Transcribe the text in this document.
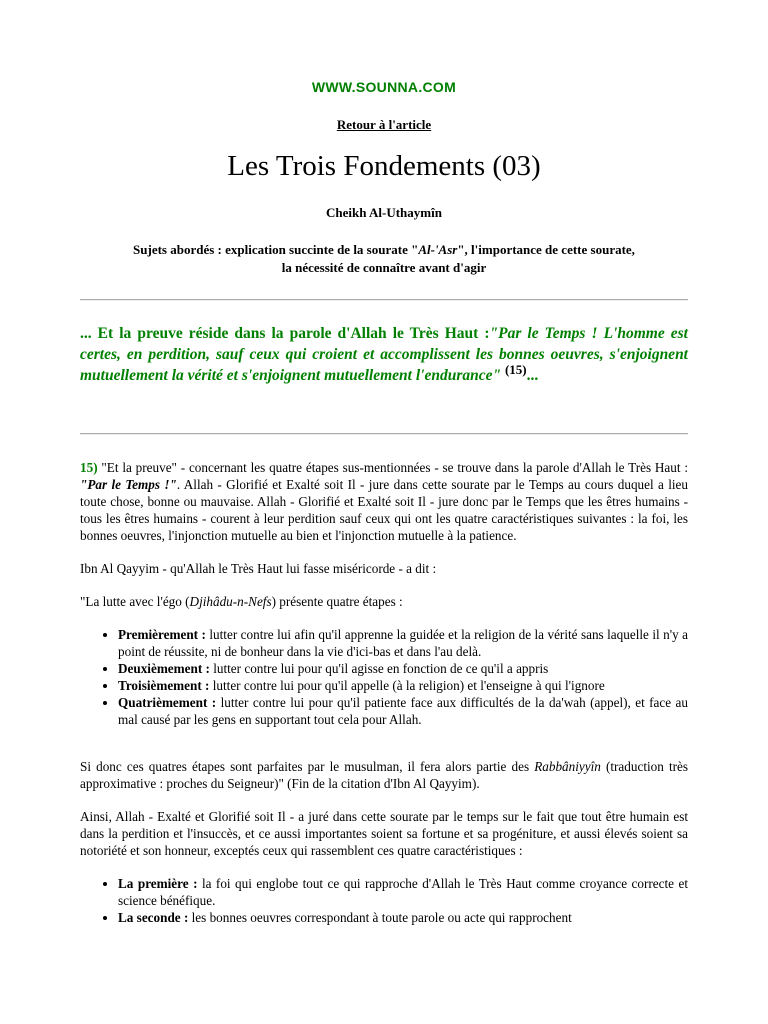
WWW.SOUNNA.COM
Retour à l'article
Les Trois Fondements (03)
Cheikh Al-Uthaymîn
Sujets abordés : explication succinte de la sourate "Al-'Asr", l'importance de cette sourate,
la nécessité de connaître avant d'agir
... Et la preuve réside dans la parole d'Allah le Très Haut :"Par le Temps ! L'homme est certes, en perdition, sauf ceux qui croient et accomplissent les bonnes oeuvres, s'enjoignent mutuellement la vérité et s'enjoignent mutuellement l'endurance" $^{(15)}$...

15) "Et la preuve" - concernant les quatre étapes sus-mentionnées - se trouve dans la parole d'Allah le Très Haut : "Par le Temps !". Allah - Glorifié et Exalté soit Il - jure dans cette sourate par le Temps au cours duquel a lieu toute chose, bonne ou mauvaise. Allah - Glorifié et Exalté soit Il - jure donc par le Temps que les êtres humains - tous les êtres humains - courent à leur perdition sauf ceux qui ont les quatre caractéristiques suivantes : la foi, les bonnes oeuvres, l'injonction mutuelle au bien et l'injonction mutuelle à la patience.

Ibn Al Qayyim - qu'Allah le Très Haut lui fasse miséricorde - a dit :

"La lutte avec l'égo (Djihâdu-n-Nefs) présente quatre étapes :

• Premièrement : lutter contre lui afin qu'il apprenne la guidée et la religion de la vérité sans laquelle il n'y a point de réussite, ni de bonheur dans la vie d'ici-bas et dans l'au delà.
• Deuxièmement : lutter contre lui pour qu'il agisse en fonction de ce qu'il a appris
• Troisièmement : lutter contre lui pour qu'il appelle (à la religion) et l'enseigne à qui l'ignore
• Quatrièmement : lutter contre lui pour qu'il patiente face aux difficultés de la da'wah (appel), et face au mal causé par les gens en supportant tout cela pour Allah.

Si donc ces quatres étapes sont parfaites par le musulman, il fera alors partie des Rabbâniyyîn (traduction très approximative : proches du Seigneur)" (Fin de la citation d'Ibn Al Qayyim).

Ainsi, Allah - Exalté et Glorifié soit Il - a juré dans cette sourate par le temps sur le fait que tout être humain est dans la perdition et l'insuccès, et ce aussi importantes soient sa fortune et sa progéniture, et aussi élevés soient sa notoriété et son honneur, exceptés ceux qui rassemblent ces quatre caractéristiques :

• La première : la foi qui englobe tout ce qui rapproche d'Allah le Très Haut comme croyance correcte et science bénéfique.
• La seconde : les bonnes oeuvres correspondant à toute parole ou acte qui rapprochent
